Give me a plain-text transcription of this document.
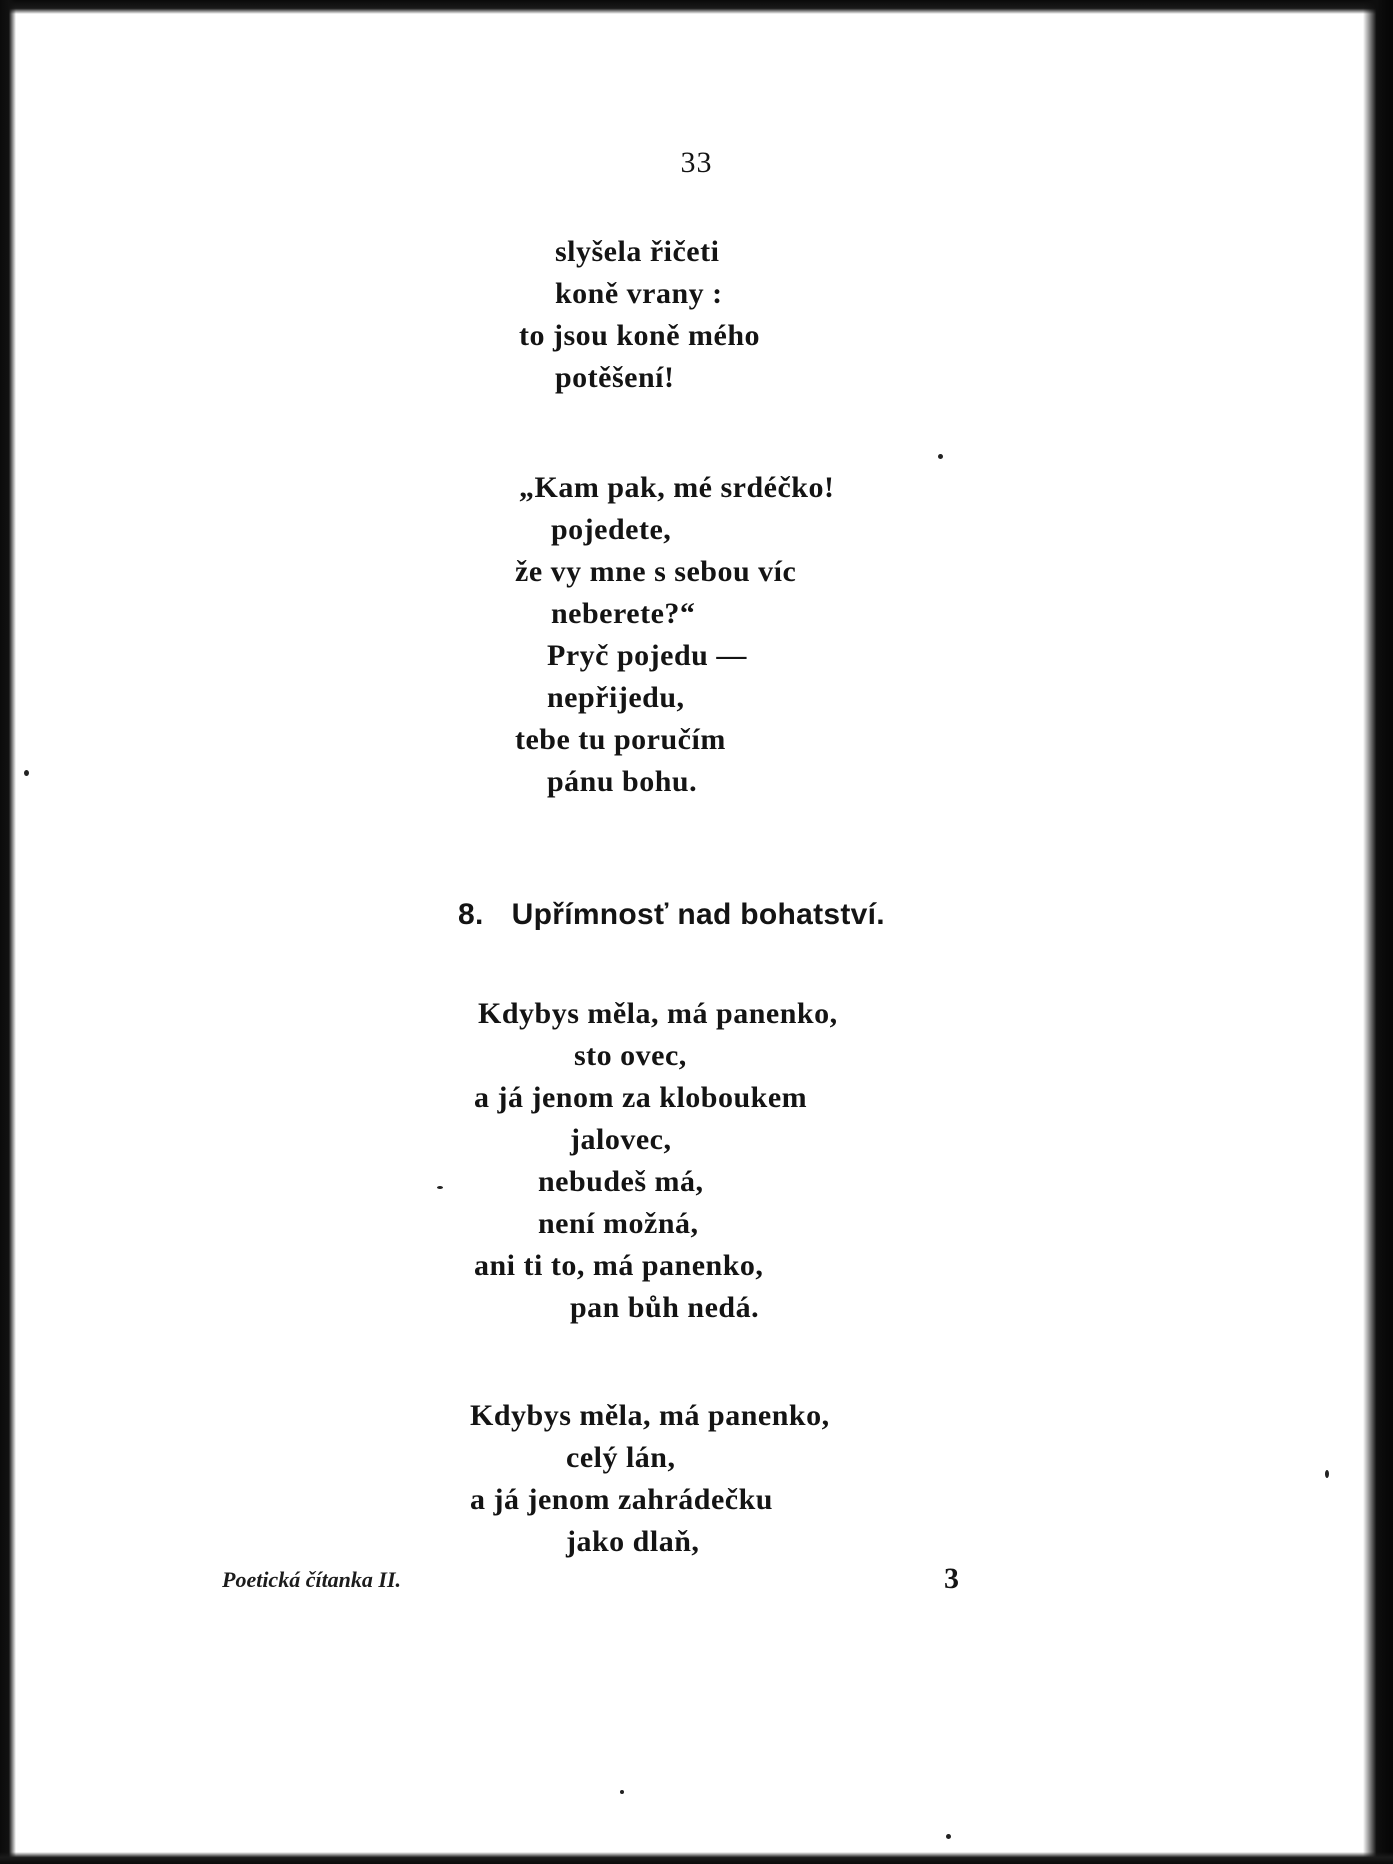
33
slyšela řičeti
koně vrany :
to jsou koně mého
potěšení!
„Kam pak, mé srdéčko!
pojedete,
že vy mne s sebou víc
neberete?“
Pryč pojedu —
nepřijedu,
tebe tu poručím
pánu bohu.
8. Upřímnosť nad bohatství.
Kdybys měla, má panenko,
sto ovec,
a já jenom za kloboukem
jalovec,
nebudeš má,
není možná,
ani ti to, má panenko,
pan bůh nedá.
Kdybys měla, má panenko,
celý lán,
a já jenom zahrádečku
jako dlaň,
Poetická čítanka II.	3
